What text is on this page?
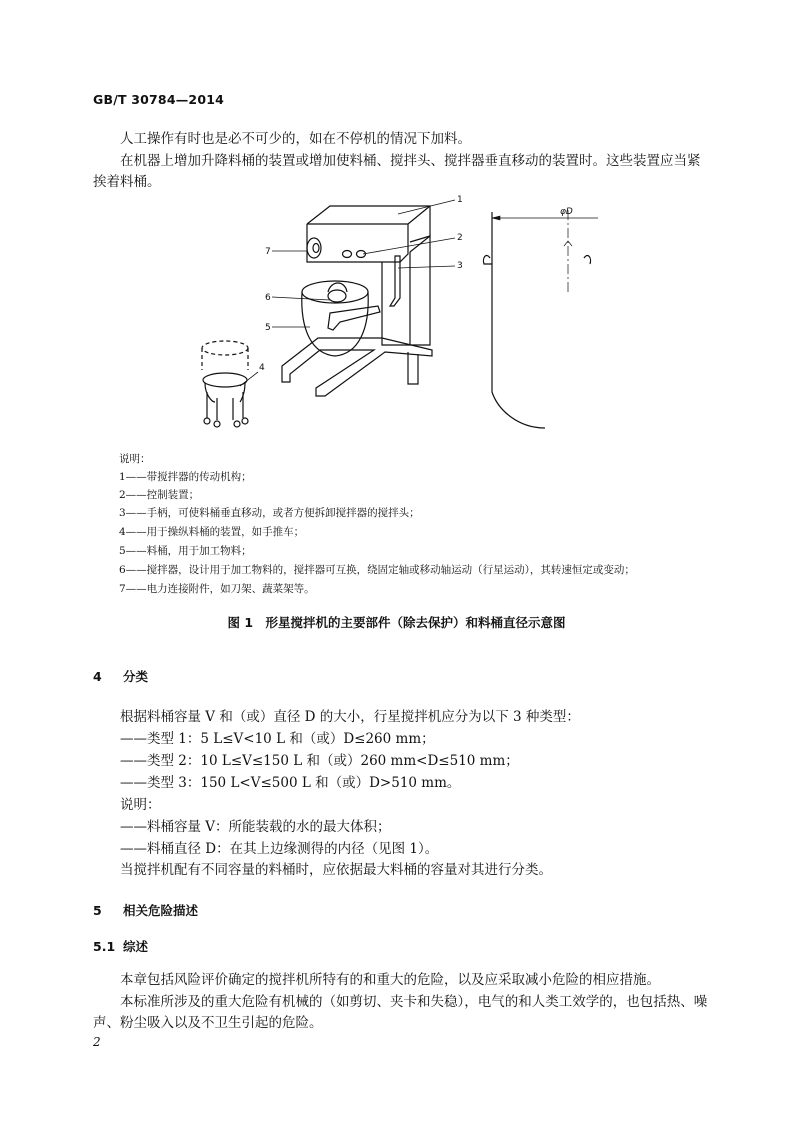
GB/T 30784—2014
人工操作有时也是必不可少的，如在不停机的情况下加料。
在机器上增加升降料桶的装置或增加使料桶、搅拌头、搅拌器垂直移动的装置时。这些装置应当紧
挨着料桶。
1
2
3
7
6
5
4
φD
说明：
1——带搅拌器的传动机构；
2——控制装置；
3——手柄，可使料桶垂直移动，或者方便拆卸搅拌器的搅拌头；
4——用于操纵料桶的装置，如手推车；
5——料桶，用于加工物料；
6——搅拌器，设计用于加工物料的，搅拌器可互换，绕固定轴或移动轴运动（行星运动），其转速恒定或变动；
7——电力连接附件，如刀架、蔬菜架等。
图 1　形星搅拌机的主要部件（除去保护）和料桶直径示意图
4 分类
根据料桶容量 V 和（或）直径 D 的大小，行星搅拌机应分为以下 3 种类型：
——类型 1：5 L≤V<10 L 和（或）D≤260 mm；
——类型 2：10 L≤V≤150 L 和（或）260 mm<D≤510 mm；
——类型 3：150 L<V≤500 L 和（或）D>510 mm。
说明：
——料桶容量 V：所能装载的水的最大体积；
——料桶直径 D：在其上边缘测得的内径（见图 1）。
当搅拌机配有不同容量的料桶时，应依据最大料桶的容量对其进行分类。
5 相关危险描述
5.1 综述
本章包括风险评价确定的搅拌机所特有的和重大的危险，以及应采取减小危险的相应措施。
本标准所涉及的重大危险有机械的（如剪切、夹卡和失稳），电气的和人类工效学的，也包括热、噪
声、粉尘吸入以及不卫生引起的危险。
2
